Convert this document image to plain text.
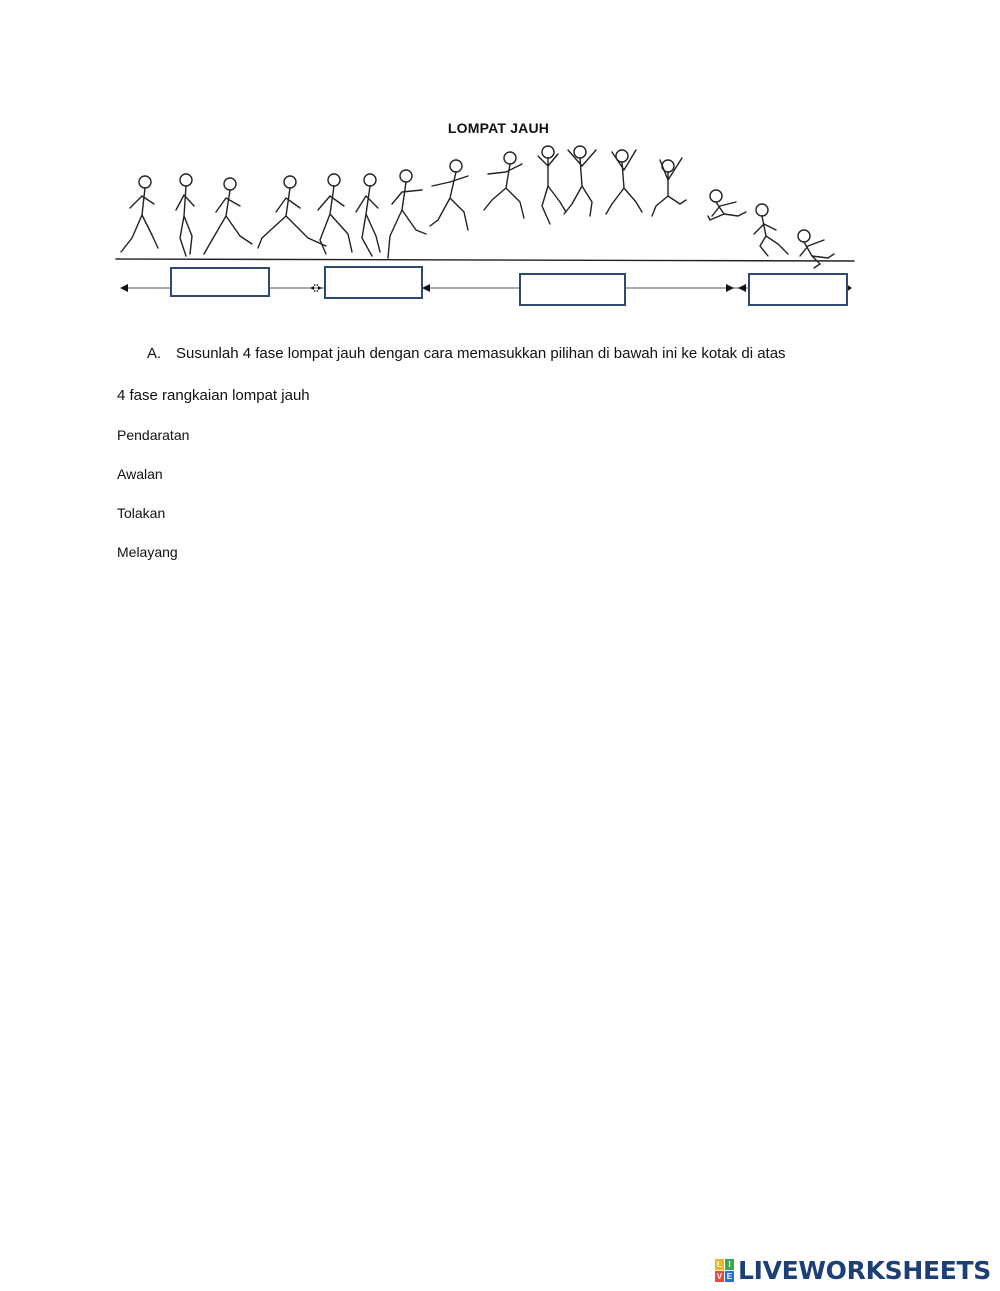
LOMPAT JAUH
A. Susunlah 4 fase lompat jauh dengan cara memasukkan pilihan di bawah ini ke kotak di atas
4 fase rangkaian lompat jauh
Pendaratan
Awalan
Tolakan
Melayang
L I
V E LIVEWORKSHEETS
